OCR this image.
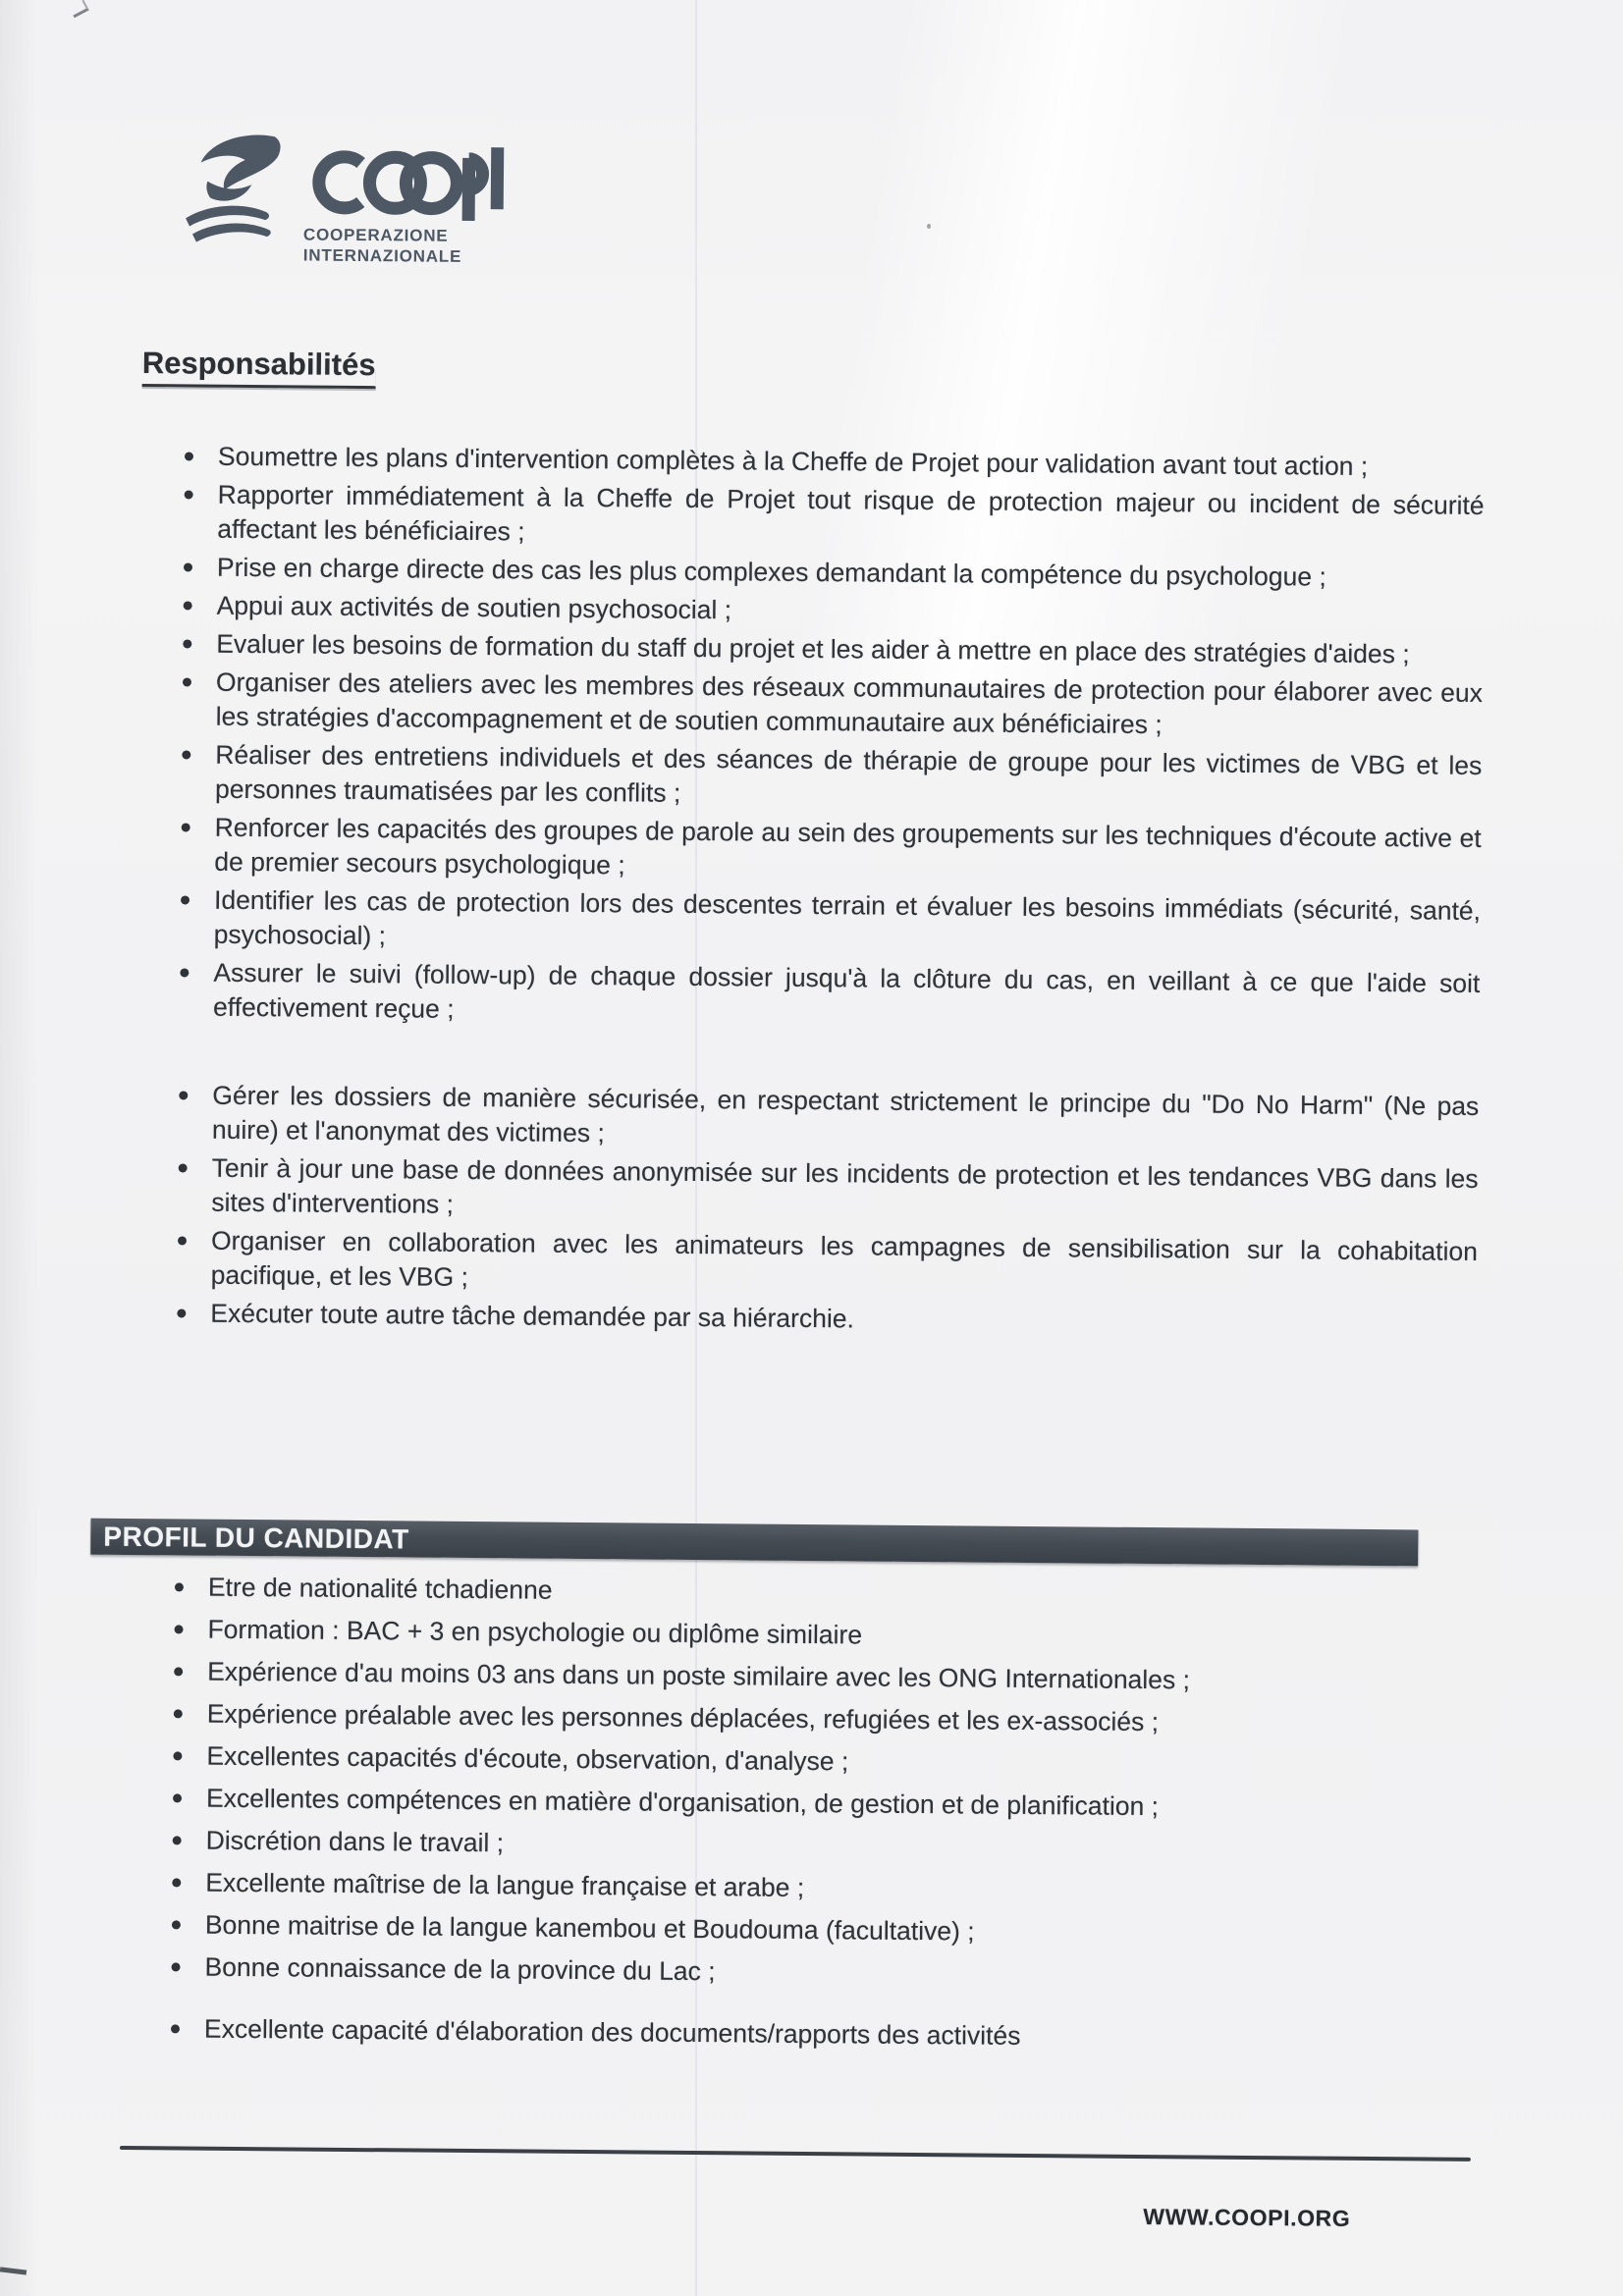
COOPERAZIONE
INTERNAZIONALE
Responsabilités
Soumettre les plans d'intervention complètes à la Cheffe de Projet pour validation avant tout action ;
Rapporter immédiatement à la Cheffe de Projet tout risque de protection majeur ou incident de sécurité affectant les bénéficiaires ;
Prise en charge directe des cas les plus complexes demandant la compétence du psychologue ;
Appui aux activités de soutien psychosocial ;
Evaluer les besoins de formation du staff du projet et les aider à mettre en place des stratégies d'aides ;
Organiser des ateliers avec les membres des réseaux communautaires de protection pour élaborer avec eux les stratégies d'accompagnement et de soutien communautaire aux bénéficiaires ;
Réaliser des entretiens individuels et des séances de thérapie de groupe pour les victimes de VBG et les personnes traumatisées par les conflits ;
Renforcer les capacités des groupes de parole au sein des groupements sur les techniques d'écoute active et de premier secours psychologique ;
Identifier les cas de protection lors des descentes terrain et évaluer les besoins immédiats (sécurité, santé, psychosocial) ;
Assurer le suivi (follow-up) de chaque dossier jusqu'à la clôture du cas, en veillant à ce que l'aide soit effectivement reçue ;
Gérer les dossiers de manière sécurisée, en respectant strictement le principe du "Do No Harm" (Ne pas nuire) et l'anonymat des victimes ;
Tenir à jour une base de données anonymisée sur les incidents de protection et les tendances VBG dans les sites d'interventions ;
Organiser en collaboration avec les animateurs les campagnes de sensibilisation sur la cohabitation pacifique, et les VBG ;
Exécuter toute autre tâche demandée par sa hiérarchie.
PROFIL DU CANDIDAT
Etre de nationalité tchadienne
Formation : BAC + 3 en psychologie ou diplôme similaire
Expérience d'au moins 03 ans dans un poste similaire avec les ONG Internationales ;
Expérience préalable avec les personnes déplacées, refugiées et les ex-associés ;
Excellentes capacités d'écoute, observation, d'analyse ;
Excellentes compétences en matière d'organisation, de gestion et de planification ;
Discrétion dans le travail ;
Excellente maîtrise de la langue française et arabe ;
Bonne maitrise de la langue kanembou et Boudouma (facultative) ;
Bonne connaissance de la province du Lac ;
Excellente capacité d'élaboration des documents/rapports des activités
WWW.COOPI.ORG
